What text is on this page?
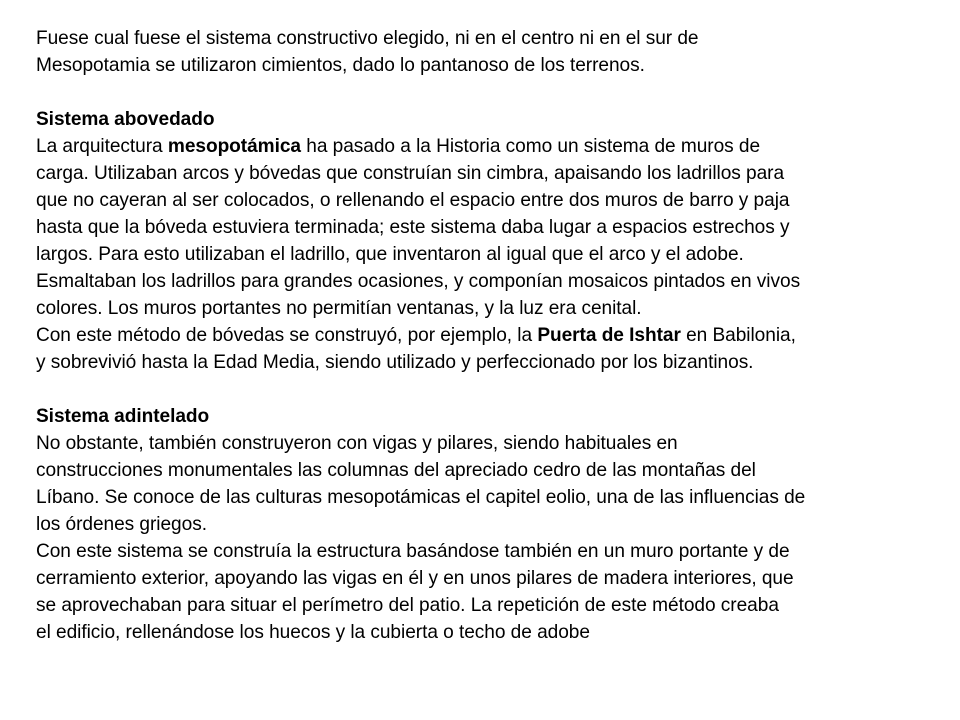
Fuese cual fuese el sistema constructivo elegido, ni en el centro ni en el sur de

Mesopotamia se utilizaron cimientos, dado lo pantanoso de los terrenos.

Sistema abovedado

La arquitectura mesopotámica ha pasado a la Historia como un sistema de muros de

carga. Utilizaban arcos y bóvedas que construían sin cimbra, apaisando los ladrillos para

que no cayeran al ser colocados, o rellenando el espacio entre dos muros de barro y paja

hasta que la bóveda estuviera terminada; este sistema daba lugar a espacios estrechos y

largos. Para esto utilizaban el ladrillo, que inventaron al igual que el arco y el adobe.

Esmaltaban los ladrillos para grandes ocasiones, y componían mosaicos pintados en vivos

colores. Los muros portantes no permitían ventanas, y la luz era cenital.

Con este método de bóvedas se construyó, por ejemplo, la Puerta de Ishtar en Babilonia,

y sobrevivió hasta la Edad Media, siendo utilizado y perfeccionado por los bizantinos.

Sistema adintelado

No obstante, también construyeron con vigas y pilares, siendo habituales en

construcciones monumentales las columnas del apreciado cedro de las montañas del

Líbano. Se conoce de las culturas mesopotámicas el capitel eolio, una de las influencias de

los órdenes griegos.

Con este sistema se construía la estructura basándose también en un muro portante y de

cerramiento exterior, apoyando las vigas en él y en unos pilares de madera interiores, que

se aprovechaban para situar el perímetro del patio. La repetición de este método creaba

el edificio, rellenándose los huecos y la cubierta o techo de adobe
